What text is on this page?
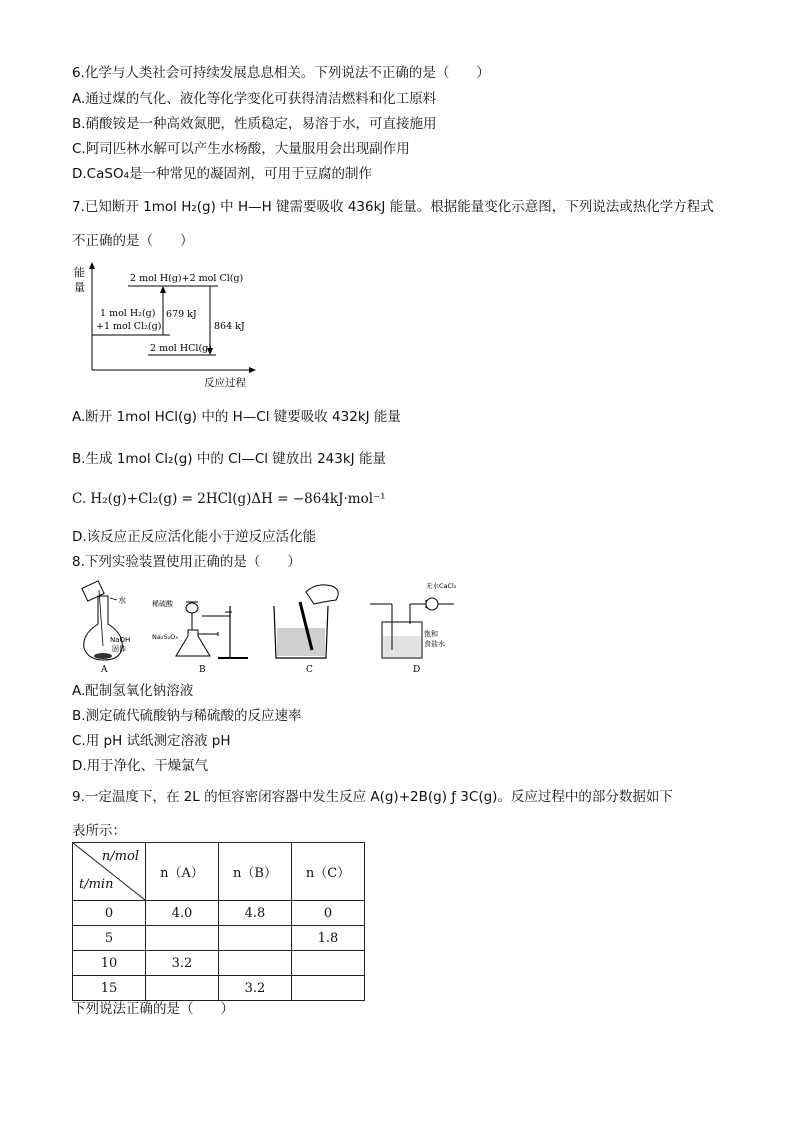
6.化学与人类社会可持续发展息息相关。下列说法不正确的是（　　）
A.通过煤的气化、液化等化学变化可获得清洁燃料和化工原料
B.硝酸铵是一种高效氮肥，性质稳定，易溶于水，可直接施用
C.阿司匹林水解可以产生水杨酸，大量服用会出现副作用
D.CaSO₄是一种常见的凝固剂，可用于豆腐的制作
7.已知断开 1mol H₂(g) 中 H—H 键需要吸收 436kJ 能量。根据能量变化示意图，下列说法或热化学方程式
不正确的是（　　）
能
量
反应过程
2 mol H(g)+2 mol Cl(g)
1 mol H₂(g)
+1 mol Cl₂(g)
2 mol HCl(g)
679 kJ
864 kJ
A.断开 1mol HCl(g) 中的 H—Cl 键要吸收 432kJ 能量
B.生成 1mol Cl₂(g) 中的 Cl—Cl 键放出 243kJ 能量
C. H₂(g)+Cl₂(g) = 2HCl(g)ΔH = −864kJ·mol⁻¹
D.该反应正反应活化能小于逆反应活化能
8.下列实验装置使用正确的是（　　）
水
NaOH
固体
A
稀硫酸
Na₂S₂O₃
B	C
无水CaCl₂
饱和
食盐水
D
A.配制氢氧化钠溶液
B.测定硫代硫酸钠与稀硫酸的反应速率
C.用 pH 试纸测定溶液 pH
D.用于净化、干燥氯气
9.一定温度下，在 2L 的恒容密闭容器中发生反应 A(g)+2B(g) ƒ 3C(g)。反应过程中的部分数据如下
表所示：
n/mol
t/min	n（A）	n（B）	n（C）
0	4.0	4.8	0
5			1.8
10	3.2		
15		3.2	
下列说法正确的是（　　）
